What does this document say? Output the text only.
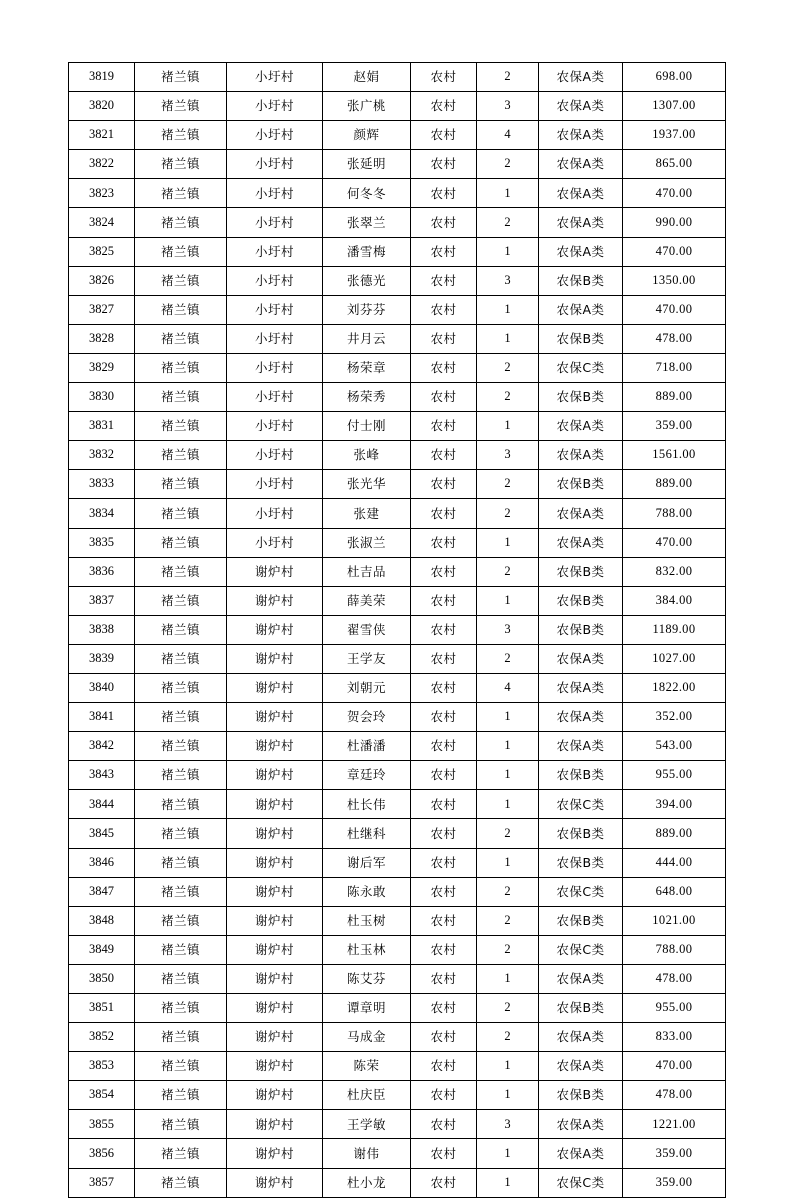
3819	褚兰镇	小圩村	赵娟	农村	2	农保A类	698.00
3820	褚兰镇	小圩村	张广桃	农村	3	农保A类	1307.00
3821	褚兰镇	小圩村	颜辉	农村	4	农保A类	1937.00
3822	褚兰镇	小圩村	张延明	农村	2	农保A类	865.00
3823	褚兰镇	小圩村	何冬冬	农村	1	农保A类	470.00
3824	褚兰镇	小圩村	张翠兰	农村	2	农保A类	990.00
3825	褚兰镇	小圩村	潘雪梅	农村	1	农保A类	470.00
3826	褚兰镇	小圩村	张德光	农村	3	农保B类	1350.00
3827	褚兰镇	小圩村	刘芬芬	农村	1	农保A类	470.00
3828	褚兰镇	小圩村	井月云	农村	1	农保B类	478.00
3829	褚兰镇	小圩村	杨荣章	农村	2	农保C类	718.00
3830	褚兰镇	小圩村	杨荣秀	农村	2	农保B类	889.00
3831	褚兰镇	小圩村	付士刚	农村	1	农保A类	359.00
3832	褚兰镇	小圩村	张峰	农村	3	农保A类	1561.00
3833	褚兰镇	小圩村	张光华	农村	2	农保B类	889.00
3834	褚兰镇	小圩村	张建	农村	2	农保A类	788.00
3835	褚兰镇	小圩村	张淑兰	农村	1	农保A类	470.00
3836	褚兰镇	谢炉村	杜吉品	农村	2	农保B类	832.00
3837	褚兰镇	谢炉村	薛美荣	农村	1	农保B类	384.00
3838	褚兰镇	谢炉村	翟雪侠	农村	3	农保B类	1189.00
3839	褚兰镇	谢炉村	王学友	农村	2	农保A类	1027.00
3840	褚兰镇	谢炉村	刘朝元	农村	4	农保A类	1822.00
3841	褚兰镇	谢炉村	贺会玲	农村	1	农保A类	352.00
3842	褚兰镇	谢炉村	杜潘潘	农村	1	农保A类	543.00
3843	褚兰镇	谢炉村	章廷玲	农村	1	农保B类	955.00
3844	褚兰镇	谢炉村	杜长伟	农村	1	农保C类	394.00
3845	褚兰镇	谢炉村	杜继科	农村	2	农保B类	889.00
3846	褚兰镇	谢炉村	谢后军	农村	1	农保B类	444.00
3847	褚兰镇	谢炉村	陈永敢	农村	2	农保C类	648.00
3848	褚兰镇	谢炉村	杜玉树	农村	2	农保B类	1021.00
3849	褚兰镇	谢炉村	杜玉林	农村	2	农保C类	788.00
3850	褚兰镇	谢炉村	陈艾芬	农村	1	农保A类	478.00
3851	褚兰镇	谢炉村	谭章明	农村	2	农保B类	955.00
3852	褚兰镇	谢炉村	马成金	农村	2	农保A类	833.00
3853	褚兰镇	谢炉村	陈荣	农村	1	农保A类	470.00
3854	褚兰镇	谢炉村	杜庆臣	农村	1	农保B类	478.00
3855	褚兰镇	谢炉村	王学敏	农村	3	农保A类	1221.00
3856	褚兰镇	谢炉村	谢伟	农村	1	农保A类	359.00
3857	褚兰镇	谢炉村	杜小龙	农村	1	农保C类	359.00
